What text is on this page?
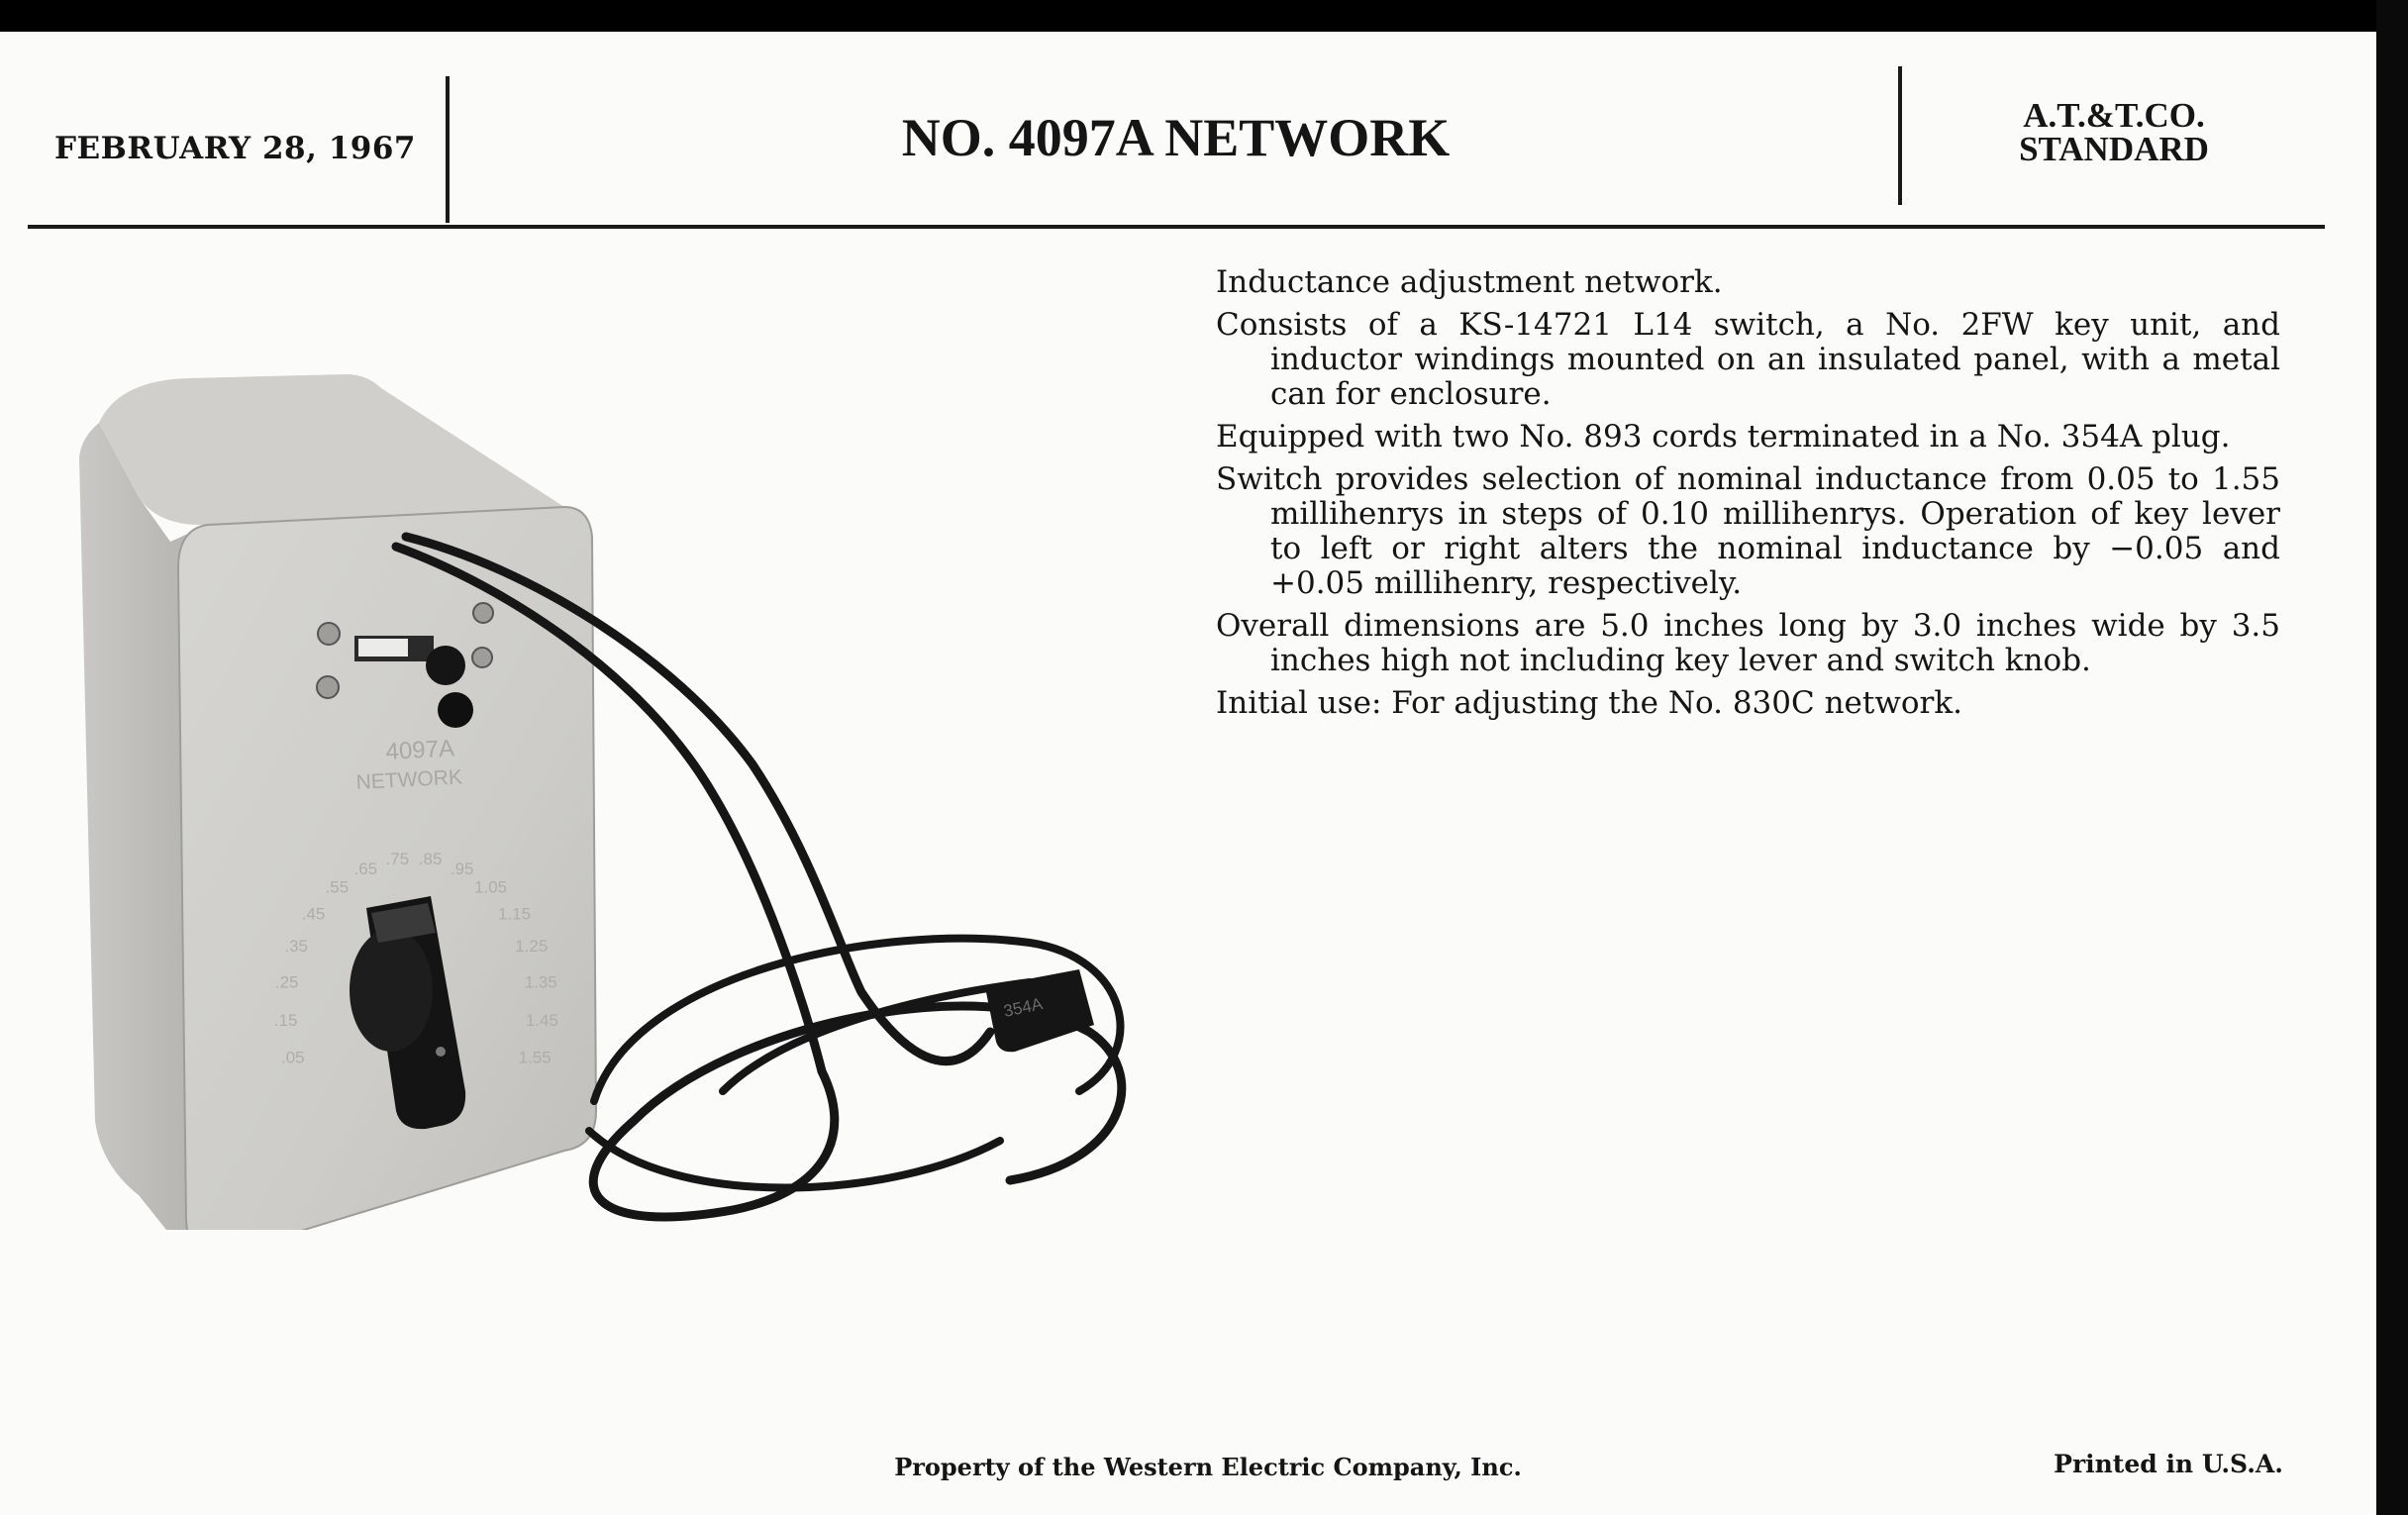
FEBRUARY 28, 1967	NO. 4097A NETWORK	A.T.&T.CO.
STANDARD
4097A
NETWORK
.05
.15
.25
.35
.45
.55
.65
.75 .85
.95
1.05
1.15
1.25
1.35
1.45
1.55
354A

Inductance adjustment network.

Consists of a KS-14721 L14 switch, a No. 2FW key unit, and inductor windings mounted on an insulated panel, with a metal can for enclosure.

Equipped with two No. 893 cords terminated in a No. 354A plug.

Switch provides selection of nominal inductance from 0.05 to 1.55 millihenrys in steps of 0.10 millihenrys. Operation of key lever to left or right alters the nominal inductance by −0.05 and +0.05 millihenry, respectively.

Overall dimensions are 5.0 inches long by 3.0 inches wide by 3.5 inches high not including key lever and switch knob.

Initial use: For adjusting the No. 830C network.

Property of the Western Electric Company, Inc.	Printed in U.S.A.
